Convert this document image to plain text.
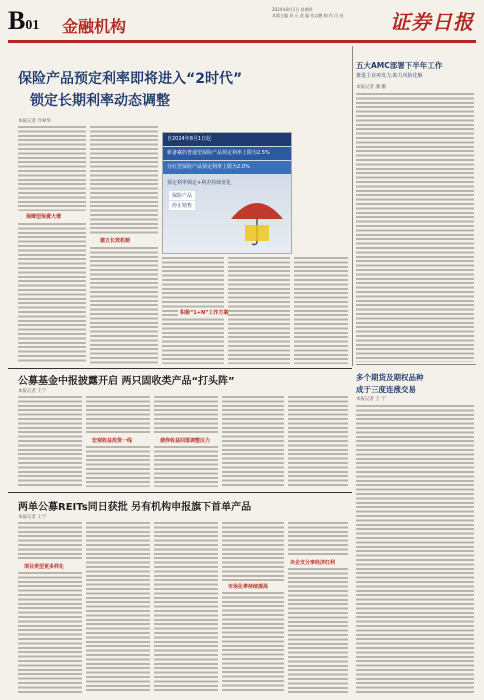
B01 金融机构
2024年8月1日 星期四
本版主编 袁 元 责 编 张志鹏 制 作 闫 亮	证券日报
保险产品预定利率即将进入“2时代”
锁定长期利率动态调整
本报记者 冷翠华
保障型保费大增
建立长效机制
自2024年8月1日起
新备案的普通型保险产品预定利率上限为2.5%
分红型保险产品预定利率上限为2.0%
预定利率锁定+利差持续优化
保险产品
停止销售
积极“1+N”工作方案
五大AMC部署下半年工作
推进主业再发力,助力风险化解
本报记者 潘 鹏
多个期货及期权品种
成于三度连涨交易
本报记者 王 宁
公募基金中报披露开启 两只固收类产品“打头阵”
本报记者 王宁
宏观收益投资一线	债券收益回落调整压力
两单公募REITs同日获批 另有机构申报旗下首单产品
本报记者 王宁
项目类型更多样化
市场化率持续提高
央企支分享经济红利
